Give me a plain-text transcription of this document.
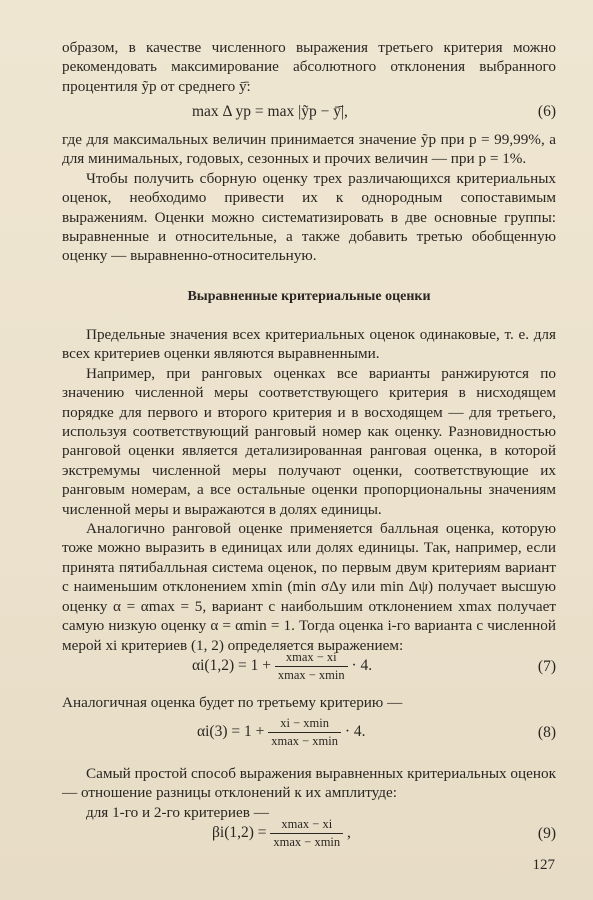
образом, в качестве численного выражения третьего критерия можно рекомендовать максимирование абсолютного отклонения выбранного процентиля ỹp от среднего ȳ̄:

max Δ yp = max |ỹp − ȳ̄|,	(6)

где для максимальных величин принимается значение ỹp при p = 99,99%, а для минимальных, годовых, сезонных и прочих величин — при p = 1%.

Чтобы получить сборную оценку трех различающихся критериальных оценок, необходимо привести их к однородным сопоставимым выражениям. Оценки можно систематизировать в две основные группы: выравненные и относительные, а также добавить третью обобщенную оценку — выравненно-относительную.

Выравненные критериальные оценки

Предельные значения всех критериальных оценок одинаковые, т. е. для всех критериев оценки являются выравненными.

Например, при ранговых оценках все варианты ранжируются по значению численной меры соответствующего критерия в нисходящем порядке для первого и второго критерия и в восходящем — для третьего, используя соответствующий ранговый номер как оценку. Разновидностью ранговой оценки является детализированная ранговая оценка, в которой экстремумы численной меры получают оценки, соответствующие их ранговым номерам, а все остальные оценки пропорциональны значениям численной меры и выражаются в долях единицы.

Аналогично ранговой оценке применяется балльная оценка, которую тоже можно выразить в единицах или долях единицы. Так, например, если принята пятибалльная система оценок, по первым двум критериям вариант с наименьшим отклонением xmin (min σΔy или min Δψ) получает высшую оценку α = αmax = 5, вариант с наибольшим отклонением xmax получает самую низкую оценку α = αmin = 1. Тогда оценка i-го варианта с численной мерой xi критериев (1, 2) определяется выражением:

$\alpha i(1,2) = 1 + \frac{xmax - xi}{xmax - xmin} \cdot 4$.	(7)

Аналогичная оценка будет по третьему критерию —

$\alpha i(3) = 1 + \frac{xi - xmin}{xmax - xmin} \cdot 4$.	(8)

Самый простой способ выражения выравненных критериальных оценок — отношение разницы отклонений к их амплитуде:

для 1-го и 2-го критериев —

$\beta i(1,2) = \frac{xmax - xi}{xmax - xmin}$ ,	(9)
127
